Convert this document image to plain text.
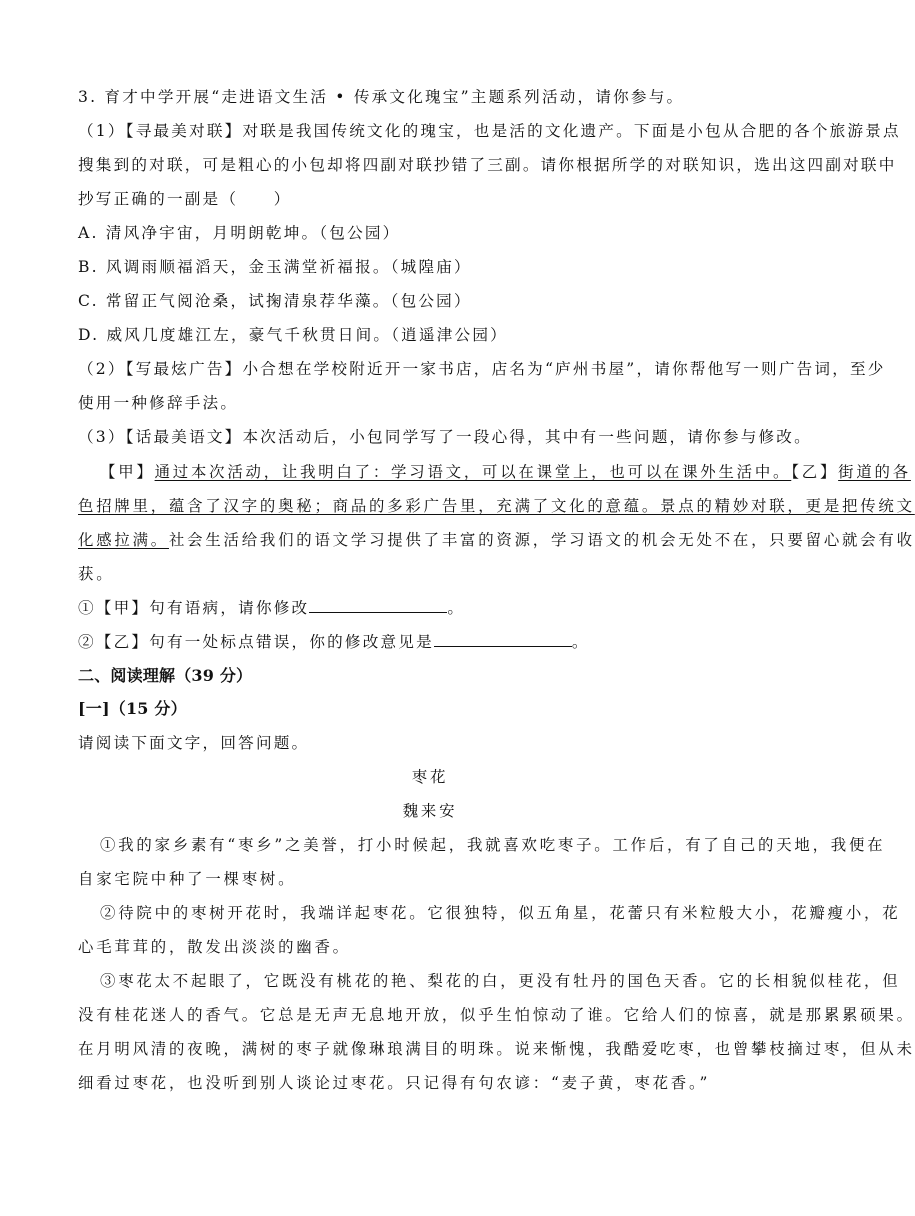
3. 育才中学开展“走进语文生活 • 传承文化瑰宝”主题系列活动，请你参与。
（1）【寻最美对联】对联是我国传统文化的瑰宝，也是活的文化遗产。下面是小包从合肥的各个旅游景点
搜集到的对联，可是粗心的小包却将四副对联抄错了三副。请你根据所学的对联知识，选出这四副对联中
抄写正确的一副是（　　）
A. 清风净宇宙，月明朗乾坤。（包公园）
B. 风调雨顺福滔天，金玉满堂祈福报。（城隍庙）
C. 常留正气阅沧桑，试掬清泉荐华藻。（包公园）
D. 威风几度雄江左，豪气千秋贯日间。（逍遥津公园）
（2）【写最炫广告】小合想在学校附近开一家书店，店名为“庐州书屋”，请你帮他写一则广告词，至少
使用一种修辞手法。
（3）【话最美语文】本次活动后，小包同学写了一段心得，其中有一些问题，请你参与修改。
【甲】通过本次活动，让我明白了：学习语文，可以在课堂上，也可以在课外生活中。【乙】街道的各
色招牌里，蕴含了汉字的奥秘；商品的多彩广告里，充满了文化的意蕴。景点的精妙对联，更是把传统文
化感拉满。社会生活给我们的语文学习提供了丰富的资源，学习语文的机会无处不在，只要留心就会有收
获。
①【甲】句有语病，请你修改	。
②【乙】句有一处标点错误，你的修改意见是	。
二、阅读理解（39 分）
[一]（15 分）
请阅读下面文字，回答问题。
枣花
魏来安
①我的家乡素有“枣乡”之美誉，打小时候起，我就喜欢吃枣子。工作后，有了自己的天地，我便在
自家宅院中种了一棵枣树。
②待院中的枣树开花时，我端详起枣花。它很独特，似五角星，花蕾只有米粒般大小，花瓣瘦小，花
心毛茸茸的，散发出淡淡的幽香。
③枣花太不起眼了，它既没有桃花的艳、梨花的白，更没有牡丹的国色天香。它的长相貌似桂花，但
没有桂花迷人的香气。它总是无声无息地开放，似乎生怕惊动了谁。它给人们的惊喜，就是那累累硕果。
在月明风清的夜晚，满树的枣子就像琳琅满目的明珠。说来惭愧，我酷爱吃枣，也曾攀枝摘过枣，但从未
细看过枣花，也没听到别人谈论过枣花。只记得有句农谚：“麦子黄，枣花香。”
